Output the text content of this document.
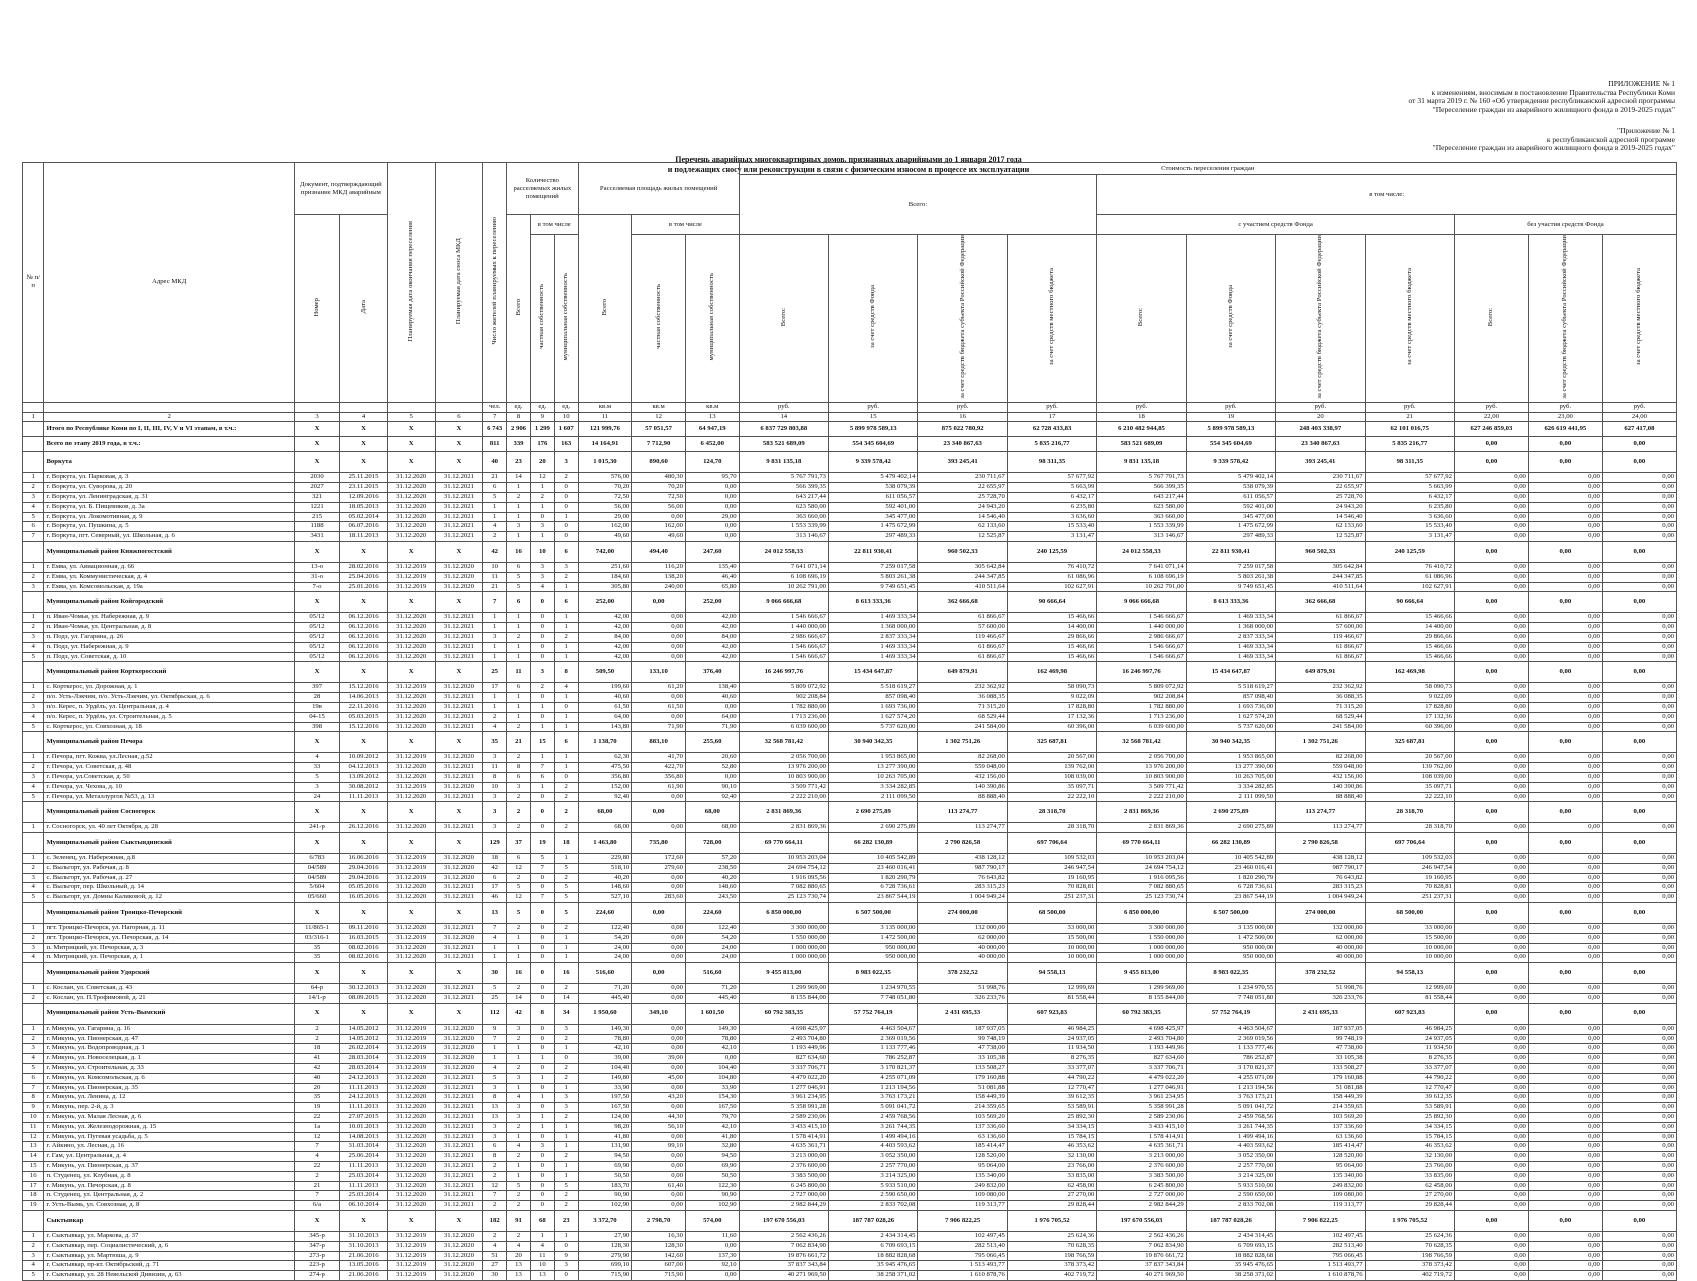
ПРИЛОЖЕНИЕ № 1
к изменениям, вносимым в постановление Правительства Республики Коми
от 31 марта 2019 г. № 160 «Об утверждении республиканской адресной программы
"Переселение граждан из аварийного жилищного фонда в 2019-2025 годах"
"Приложение № 1
к республиканской адресной программе
"Переселение граждан из аварийного жилищного фонда в 2019-2025 годах"
Перечень аварийных многоквартирных домов, признанных аварийными до 1 января 2017 года
и подлежащих сносу или реконструкции в связи с физическим износом в процессе их эксплуатации
№ п/п	Адрес МКД	Документ, подтверждающий признание МКД аварийным		Планируемая дата окончания переселения	Планируемая дата сноса МКД	Число жителей планируемых к переселению	Количество расселяемых жилых помещений			Расселяемая площадь жилых помещений			Стоимость переселения граждан										
													Всего:				в том числе:						
		Номер	Дата				Всего	в том числе		Всего	в том числе						с участием средств Фонда				без участия средств Фонда		
								частная собственность	муниципальная собственность		частная собственность	муниципальная собственность	Всего:	за счет средств Фонда	за счет средств бюджета субъекта Российской Федерации	за счет средств местного бюджета	Всего:	за счет средств Фонда	за счет средств бюджета субъекта Российской Федерации	за счет средств местного бюджета	Всего:	за счет средств бюджета субъекта Российской Федерации	за счет средств местного бюджета
						чел.	ед.	ед.	ед.	кв.м	кв.м	кв.м	руб.	руб.	руб.	руб.	руб.	руб.	руб.	руб.	руб.	руб.	руб.
1	2	3	4	5	6	7	8	9	10	11	12	13	14	15	16	17	18	19	20	21	22,00	23,00	24,00
	Итого по Республике Коми по I, II, III, IV, V и VI этапам, в т.ч.:	X	X	X	X	6 743	2 906	1 299	1 607	121 999,76	57 051,57	64 947,19	6 837 729 803,88	5 899 978 589,13	875 022 780,92	62 728 433,83	6 210 482 944,85	5 899 978 589,13	248 403 338,97	62 101 016,75	627 246 859,03	626 619 441,95	627 417,08
	Всего по этапу 2019 года, в т.ч.:	X	X	X	X	811	339	176	163	14 164,91	7 712,90	6 452,00	583 521 689,09	554 345 604,69	23 340 867,63	5 835 216,77	583 521 689,09	554 345 604,69	23 340 867,63	5 835 216,77	0,00	0,00	0,00
	Воркута	X	X	X	X	40	23	20	3	1 015,30	890,60	124,70	9 831 135,18	9 339 578,42	393 245,41	98 311,35	9 831 135,18	9 339 578,42	393 245,41	98 311,35	0,00	0,00	0,00
1	г. Воркута, ул. Парковая, д. 3	2030	25.11.2015	31.12.2020	31.12.2021	21	14	12	2	576,00	480,30	95,70	5 767 791,73	5 479 402,14	230 711,67	57 677,92	5 767 791,73	5 479 402,14	230 711,67	57 677,92	0,00	0,00	0,00
2	г. Воркута, ул. Суворова, д. 20	2027	23.11.2015	31.12.2020	31.12.2021	6	1	1	0	70,20	70,20	0,00	566 399,35	538 079,39	22 655,97	5 663,99	566 399,35	538 079,39	22 655,97	5 663,99	0,00	0,00	0,00
3	г. Воркута, ул. Ленинградская, д. 31	321	12.09.2016	31.12.2020	31.12.2021	5	2	2	0	72,50	72,50	0,00	643 217,44	611 056,57	25 728,70	6 432,17	643 217,44	611 056,57	25 728,70	6 432,17	0,00	0,00	0,00
4	г. Воркута, ул. Б. Пищевиков, д. 3а	1221	18.05.2013	31.12.2020	31.12.2021	1	1	1	0	56,00	56,00	0,00	623 580,00	592 401,00	24 943,20	6 235,80	623 580,00	592 401,00	24 943,20	6 235,80	0,00	0,00	0,00
5	г. Воркута, ул. Локомотивная, д. 9	215	05.02.2014	31.12.2020	31.12.2021	1	1	0	1	29,00	0,00	29,00	363 660,00	345 477,00	14 546,40	3 636,60	363 660,00	345 477,00	14 546,40	3 636,60	0,00	0,00	0,00
6	г. Воркута, ул. Пушкина, д. 5	1188	06.07.2016	31.12.2020	31.12.2021	4	3	3	0	162,00	162,00	0,00	1 553 339,99	1 475 672,99	62 133,60	15 533,40	1 553 339,99	1 475 672,99	62 133,60	15 533,40	0,00	0,00	0,00
7	г. Воркута, пгт. Северный, ул. Школьная, д. 6	3431	18.11.2013	31.12.2020	31.12.2021	2	1	1	0	49,60	49,60	0,00	313 146,67	297 489,33	12 525,87	3 131,47	313 146,67	297 489,33	12 525,87	3 131,47	0,00	0,00	0,00
	Муниципальный район Княжпогостский	X	X	X	X	42	16	10	6	742,00	494,40	247,60	24 012 558,33	22 811 930,41	960 502,33	240 125,59	24 012 558,33	22 811 930,41	960 502,33	240 125,59	0,00	0,00	0,00
1	г. Емва, ул. Авиационная, д. 66	13-о	28.02.2016	31.12.2019	31.12.2020	10	6	3	3	251,60	116,20	135,40	7 641 071,14	7 259 017,58	305 642,84	76 410,72	7 641 071,14	7 259 017,58	305 642,84	76 410,72	0,00	0,00	0,00
2	г. Емва, ул. Коммунистическая, д. 4	31-о	25.04.2016	31.12.2019	31.12.2020	11	5	3	2	184,60	138,20	46,40	6 108 696,19	5 803 261,38	244 347,85	61 086,96	6 108 696,19	5 803 261,38	244 347,85	61 086,96	0,00	0,00	0,00
3	г. Емва, ул. Комсомольская, д. 19а	7-о	25.01.2016	31.12.2019	31.12.2020	21	5	4	1	305,80	240,00	65,80	10 262 791,00	9 749 651,45	410 511,64	102 627,91	10 262 791,00	9 749 651,45	410 511,64	102 627,91	0,00	0,00	0,00
	Муниципальный район Койгородский	X	X	X	X	7	6	0	6	252,00	0,00	252,00	9 066 666,68	8 613 333,36	362 666,68	90 666,64	9 066 666,68	8 613 333,36	362 666,68	90 666,64	0,00	0,00	0,00
1	п. Иван-Чомья, ул. Набережная, д. 9	05/12	06.12.2016	31.12.2020	31.12.2021	1	1	0	1	42,00	0,00	42,00	1 546 666,67	1 469 333,34	61 866,67	15 466,66	1 546 666,67	1 469 333,34	61 866,67	15 466,66	0,00	0,00	0,00
2	п. Иван-Чомья, ул. Центральная, д. 8	05/12	06.12.2016	31.12.2020	31.12.2021	1	1	0	1	42,00	0,00	42,00	1 440 000,00	1 368 000,00	57 600,00	14 400,00	1 440 000,00	1 368 000,00	57 600,00	14 400,00	0,00	0,00	0,00
3	п. Подз, ул. Гагарина, д. 26	05/12	06.12.2016	31.12.2020	31.12.2021	3	2	0	2	84,00	0,00	84,00	2 986 666,67	2 837 333,34	119 466,67	29 866,66	2 986 666,67	2 837 333,34	119 466,67	29 866,66	0,00	0,00	0,00
4	п. Подз, ул. Набережная, д. 9	05/12	06.12.2016	31.12.2020	31.12.2021	1	1	0	1	42,00	0,00	42,00	1 546 666,67	1 469 333,34	61 866,67	15 466,66	1 546 666,67	1 469 333,34	61 866,67	15 466,66	0,00	0,00	0,00
5	п. Подз, ул. Советская, д. 10	05/12	06.12.2016	31.12.2020	31.12.2021	1	1	0	1	42,00	0,00	42,00	1 546 666,67	1 469 333,34	61 866,67	15 466,66	1 546 666,67	1 469 333,34	61 866,67	15 466,66	0,00	0,00	0,00
	Муниципальный район Корткеросский	X	X	X	X	25	11	3	8	509,50	133,10	376,40	16 246 997,76	15 434 647,87	649 879,91	162 469,98	16 246 997,76	15 434 647,87	649 879,91	162 469,98	0,00	0,00	0,00
1	с. Корткерос, ул. Дорожная, д. 1	397	15.12.2016	31.12.2019	31.12.2020	17	6	2	4	199,60	61,20	138,40	5 809 072,92	5 518 619,27	232 362,92	58 090,73	5 809 072,92	5 518 619,27	232 362,92	58 090,73	0,00	0,00	0,00
2	п/о. Усть-Лэкчим, п/о. Усть-Лэкчим, ул. Октябрьская, д. 6	28	14.06.2013	31.12.2020	31.12.2021	1	1	0	1	40,60	0,00	40,60	902 208,84	857 098,40	36 088,35	9 022,09	902 208,84	857 098,40	36 088,35	9 022,09	0,00	0,00	0,00
3	п/о. Керес, п. Урдёль, ул. Центральная, д. 4	19в	22.11.2016	31.12.2020	31.12.2021	1	1	1	0	61,50	61,50	0,00	1 782 880,00	1 693 736,00	71 315,20	17 828,80	1 782 880,00	1 693 736,00	71 315,20	17 828,80	0,00	0,00	0,00
4	п/о. Керес, п. Урдёль, ул. Строительная, д. 5	04-15	05.03.2015	31.12.2020	31.12.2021	2	1	0	1	64,00	0,00	64,00	1 713 236,00	1 627 574,20	68 529,44	17 132,36	1 713 236,00	1 627 574,20	68 529,44	17 132,36	0,00	0,00	0,00
5	с. Корткерос, ул. Совхозная, д. 18	398	15.12.2016	31.12.2020	31.12.2021	4	2	1	1	143,80	71,90	71,90	6 039 600,00	5 737 620,00	241 584,00	60 396,00	6 039 600,00	5 737 620,00	241 584,00	60 396,00	0,00	0,00	0,00
	Муниципальный район Печора	X	X	X	X	35	21	15	6	1 138,70	883,10	255,60	32 568 781,42	30 940 342,35	1 302 751,26	325 687,81	32 568 781,42	30 940 342,35	1 302 751,26	325 687,81	0,00	0,00	0,00
1	г. Печора, пгт. Кожва, ул.Лесная, д.52	4	10.09.2012	31.12.2019	31.12.2020	3	2	1	1	62,30	41,70	20,60	2 056 700,00	1 953 865,00	82 268,00	20 567,00	2 056 700,00	1 953 865,00	82 268,00	20 567,00	0,00	0,00	0,00
2	г. Печора, ул. Советская, д. 48	33	04.12.2013	31.12.2020	31.12.2021	11	8	7	1	475,50	422,70	52,80	13 976 200,00	13 277 390,00	559 048,00	139 762,00	13 976 200,00	13 277 390,00	559 048,00	139 762,00	0,00	0,00	0,00
3	г. Печора, ул.Советская, д. 50	5	13.09.2012	31.12.2020	31.12.2021	8	6	6	0	356,80	356,80	0,00	10 803 900,00	10 263 705,00	432 156,00	108 039,00	10 803 900,00	10 263 705,00	432 156,00	108 039,00	0,00	0,00	0,00
4	г. Печора, ул. Чехова, д. 10	3	30.08.2012	31.12.2019	31.12.2020	10	3	1	2	152,00	61,90	90,10	3 509 771,42	3 334 282,85	140 390,86	35 097,71	3 509 771,42	3 334 282,85	140 390,86	35 097,71	0,00	0,00	0,00
5	г. Печора, ул. Металлургов №53, д. 13	24	11.11.2013	31.12.2020	31.12.2021	3	2	0	2	92,40	0,00	92,40	2 222 210,00	2 111 099,50	88 888,40	22 222,10	2 222 210,00	2 111 099,50	88 888,40	22 222,10	0,00	0,00	0,00
	Муниципальный район Сосногорск	X	X	X	X	3	2	0	2	68,00	0,00	68,00	2 831 869,36	2 690 275,89	113 274,77	28 318,70	2 831 869,36	2 690 275,89	113 274,77	28 318,70	0,00	0,00	0,00
1	г. Сосногорск, ул. 40 лет Октября, д. 28	241-р	26.12.2016	31.12.2020	31.12.2021	3	2	0	2	68,00	0,00	68,00	2 831 869,36	2 690 275,89	113 274,77	28 318,70	2 831 869,36	2 690 275,89	113 274,77	28 318,70	0,00	0,00	0,00
	Муниципальный район Сыктывдинский	X	X	X	X	129	37	19	18	1 463,80	735,80	728,00	69 770 664,11	66 282 130,89	2 790 826,58	697 706,64	69 770 664,11	66 282 130,89	2 790 826,58	697 706,64	0,00	0,00	0,00
1	с. Зеленец, ул. Набережная, д.8	6/783	16.06.2016	31.12.2019	31.12.2020	18	6	5	1	229,80	172,60	57,20	10 953 203,04	10 405 542,89	438 128,12	109 532,03	10 953 203,04	10 405 542,89	438 128,12	109 532,03	0,00	0,00	0,00
2	с. Выльгорт, ул. Рабочая, д. 8	04/589	29.04.2016	31.12.2019	31.12.2020	42	12	7	5	518,10	279,60	238,50	24 694 754,12	23 460 016,41	987 790,17	246 947,54	24 694 754,12	23 460 016,41	987 790,17	246 947,54	0,00	0,00	0,00
3	с. Выльгорт, ул. Рабочая, д. 27	04/589	29.04.2016	31.12.2019	31.12.2020	6	2	0	2	40,20	0,00	40,20	1 916 095,56	1 820 290,79	76 643,82	19 160,95	1 916 095,56	1 820 290,79	76 643,82	19 160,95	0,00	0,00	0,00
4	с. Выльгорт, пер. Школьный, д. 14	5/604	05.05.2016	31.12.2020	31.12.2021	17	5	0	5	148,60	0,00	148,60	7 082 880,65	6 728 736,61	283 315,23	70 828,81	7 082 880,65	6 728 736,61	283 315,23	70 828,81	0,00	0,00	0,00
5	с. Выльгорт, ул. Домны Каликовой, д. 12	05/660	16.05.2016	31.12.2020	31.12.2021	46	12	7	5	527,10	283,60	243,50	25 123 730,74	23 867 544,19	1 004 949,24	251 237,31	25 123 730,74	23 867 544,19	1 004 949,24	251 237,31	0,00	0,00	0,00
	Муниципальный район Троицко-Печорский	X	X	X	X	13	5	0	5	224,60	0,00	224,60	6 850 000,00	6 507 500,00	274 000,00	68 500,00	6 850 000,00	6 507 500,00	274 000,00	68 500,00	0,00	0,00	0,00
1	пгт. Троицко-Печорск, ул. Нагорная, д. 11	11/865-1	09.11.2016	31.12.2020	31.12.2021	7	2	0	2	122,40	0,00	122,40	3 300 000,00	3 135 000,00	132 000,00	33 000,00	3 300 000,00	3 135 000,00	132 000,00	33 000,00	0,00	0,00	0,00
2	пгт. Троицко-Печорск, ул. Печорская, д. 14	03/316-1	16.03.2015	31.12.2019	31.12.2020	4	1	0	1	54,20	0,00	54,20	1 550 000,00	1 472 500,00	62 000,00	15 500,00	1 550 000,00	1 472 500,00	62 000,00	15 500,00	0,00	0,00	0,00
3	п. Митрицкий, ул. Печорская, д. 3	35	08.02.2016	31.12.2020	31.12.2021	1	1	0	1	24,00	0,00	24,00	1 000 000,00	950 000,00	40 000,00	10 000,00	1 000 000,00	950 000,00	40 000,00	10 000,00	0,00	0,00	0,00
4	п. Митрицкий, ул. Печорская, д. 1	35	08.02.2016	31.12.2020	31.12.2021	1	1	0	1	24,00	0,00	24,00	1 000 000,00	950 000,00	40 000,00	10 000,00	1 000 000,00	950 000,00	40 000,00	10 000,00	0,00	0,00	0,00
	Муниципальный район Удорский	X	X	X	X	30	16	0	16	516,60	0,00	516,60	9 455 813,00	8 983 022,35	378 232,52	94 558,13	9 455 813,00	8 983 022,35	378 232,52	94 558,13	0,00	0,00	0,00
1	с. Кослан, ул. Советская, д. 43	64-р	30.12.2013	31.12.2020	31.12.2021	5	2	0	2	71,20	0,00	71,20	1 299 969,00	1 234 970,55	51 998,76	12 999,69	1 299 969,00	1 234 970,55	51 998,76	12 999,69	0,00	0,00	0,00
2	с. Кослан, ул. П.Трофимовой, д. 21	14/1-р	08.09.2015	31.12.2020	31.12.2021	25	14	0	14	445,40	0,00	445,40	8 155 844,00	7 748 051,80	326 233,76	81 558,44	8 155 844,00	7 748 051,80	326 233,76	81 558,44	0,00	0,00	0,00
	Муниципальный район Усть-Вымский	X	X	X	X	112	42	8	34	1 950,60	349,10	1 601,50	60 792 383,35	57 752 764,19	2 431 695,33	607 923,83	60 792 383,35	57 752 764,19	2 431 695,33	607 923,83	0,00	0,00	0,00
1	г. Микунь, ул. Гагарина, д. 16	2	14.05.2012	31.12.2019	31.12.2020	9	3	0	3	149,30	0,00	149,30	4 698 425,97	4 463 504,67	187 937,05	46 984,25	4 698 425,97	4 463 504,67	187 937,05	46 984,25	0,00	0,00	0,00
2	г. Микунь, ул. Пионерская, д. 47	2	14.05.2012	31.12.2019	31.12.2020	7	2	0	2	78,80	0,00	78,80	2 493 704,80	2 369 019,56	99 748,19	24 937,05	2 493 704,80	2 369 019,56	99 748,19	24 937,05	0,00	0,00	0,00
3	г. Микунь, ул. Водопроводная, д. 1	18	26.02.2014	31.12.2019	31.12.2020	1	1	0	1	42,10	0,00	42,10	1 193 449,96	1 133 777,46	47 738,00	11 934,50	1 193 449,96	1 133 777,46	47 738,00	11 934,50	0,00	0,00	0,00
4	г. Микунь, ул. Новоселецкая, д. 1	41	28.03.2014	31.12.2019	31.12.2020	1	1	1	0	39,00	39,00	0,00	827 634,60	786 252,87	33 105,38	8 276,35	827 634,60	786 252,87	33 105,38	8 276,35	0,00	0,00	0,00
5	г. Микунь, ул. Строительная, д. 33	42	28.03.2014	31.12.2019	31.12.2020	4	2	0	2	104,40	0,00	104,40	3 337 706,71	3 170 821,37	133 508,27	33 377,07	3 337 706,71	3 170 821,37	133 508,27	33 377,07	0,00	0,00	0,00
6	г. Микунь, ул. Комсомольская, д. 6	40	24.12.2013	31.12.2020	31.12.2021	5	3	1	2	149,80	45,00	104,80	4 479 022,20	4 255 071,09	179 160,88	44 790,22	4 479 022,20	4 255 071,09	179 160,88	44 790,22	0,00	0,00	0,00
7	г. Микунь, ул. Пионерская, д. 35	20	11.11.2013	31.12.2020	31.12.2021	3	1	0	1	33,90	0,00	33,90	1 277 046,91	1 213 194,56	51 081,88	12 770,47	1 277 046,91	1 213 194,56	51 081,88	12 770,47	0,00	0,00	0,00
8	г. Микунь, ул. Ленина, д. 12	35	24.12.2013	31.12.2020	31.12.2021	8	4	1	3	197,50	43,20	154,30	3 961 234,95	3 763 173,21	158 449,39	39 612,35	3 961 234,95	3 763 173,21	158 449,39	39 612,35	0,00	0,00	0,00
9	г. Микунь, пер. 2-й, д. 3	19	11.11.2013	31.12.2020	31.12.2021	13	3	0	3	167,50	0,00	167,50	5 358 991,28	5 091 041,72	214 359,65	53 589,91	5 358 991,28	5 091 041,72	214 359,65	53 589,91	0,00	0,00	0,00
10	г. Микунь, ул. Малая Лесная, д. 6	22	27.07.2015	31.12.2020	31.12.2021	13	3	1	2	124,00	44,30	79,70	2 589 230,06	2 459 768,56	103 569,20	25 892,30	2 589 230,06	2 459 768,56	103 569,20	25 892,30	0,00	0,00	0,00
11	г. Микунь, ул. Железнодорожная, д. 15	1а	10.01.2013	31.12.2020	31.12.2021	3	2	1	1	98,20	56,10	42,10	3 433 415,10	3 261 744,35	137 336,60	34 334,15	3 433 415,10	3 261 744,35	137 336,60	34 334,15	0,00	0,00	0,00
12	г. Микунь, ул. Пугевая усадьба, д. 5	12	14.08.2013	31.12.2020	31.12.2021	3	1	0	1	41,80	0,00	41,80	1 578 414,91	1 499 494,16	63 136,60	15 784,15	1 578 414,91	1 499 494,16	63 136,60	15 784,15	0,00	0,00	0,00
13	г. Айкино, ул. Лесная, д. 16	7	31.03.2014	31.12.2020	31.12.2021	6	4	3	1	131,90	99,10	32,80	4 635 361,71	4 403 593,62	185 414,47	46 353,62	4 635 361,71	4 403 593,62	185 414,47	46 353,62	0,00	0,00	0,00
14	г. Гам, ул. Центральная, д. 4	4	25.06.2014	31.12.2020	31.12.2021	8	2	0	2	94,50	0,00	94,50	3 213 000,00	3 052 350,00	128 520,00	32 130,00	3 213 000,00	3 052 350,00	128 520,00	32 130,00	0,00	0,00	0,00
15	г. Микунь, ул. Пионерская, д. 37	22	11.11.2013	31.12.2020	31.12.2021	2	1	0	1	69,90	0,00	69,90	2 376 600,00	2 257 770,00	95 064,00	23 766,00	2 376 600,00	2 257 770,00	95 064,00	23 766,00	0,00	0,00	0,00
16	п. Студенец, ул. Клубная, д. 8	2	25.03.2014	31.12.2020	31.12.2021	2	1	0	1	50,50	0,00	50,50	3 383 500,00	3 214 325,00	135 340,00	33 835,00	3 383 500,00	3 214 325,00	135 340,00	33 835,00	0,00	0,00	0,00
17	г. Микунь, ул. Печорская, д. 8	21	11.11.2013	31.12.2020	31.12.2021	12	5	0	5	183,70	61,40	122,30	6 245 800,00	5 933 510,00	249 832,00	62 458,00	6 245 800,00	5 933 510,00	249 832,00	62 458,00	0,00	0,00	0,00
18	п. Студенец, ул. Центральная, д. 2	7	25.03.2014	31.12.2020	31.12.2021	7	2	0	2	90,90	0,00	90,90	2 727 000,00	2 590 650,00	109 080,00	27 270,00	2 727 000,00	2 590 650,00	109 080,00	27 270,00	0,00	0,00	0,00
19	г. Усть-Вымь, ул. Совхозная, д. 8	6/а	06.10.2014	31.12.2020	31.12.2021	2	2	0	2	102,90	0,00	102,90	2 982 844,29	2 833 702,08	119 313,77	29 828,44	2 982 844,29	2 833 702,08	119 313,77	29 828,44	0,00	0,00	0,00
	Сыктывкар	X	X	X	X	182	91	68	23	3 372,70	2 798,70	574,00	197 670 556,03	187 787 028,26	7 906 822,25	1 976 705,52	197 670 556,03	187 787 028,26	7 906 822,25	1 976 705,52	0,00	0,00	0,00
1	г. Сыктывкар, ул. Маркова, д. 37	345-р	31.10.2013	31.12.2019	31.12.2020	2	2	1	1	27,90	16,30	11,60	2 562 436,26	2 434 314,45	102 497,45	25 624,36	2 562 436,26	2 434 314,45	102 497,45	25 624,36	0,00	0,00	0,00
2	г. Сыктывкар, пер. Социалистический, д. 6	347-р	31.10.2013	31.12.2019	31.12.2020	4	4	4	0	128,30	128,30	0,00	7 062 834,90	6 709 693,15	282 513,40	70 628,35	7 062 834,90	6 709 693,15	282 513,40	70 628,35	0,00	0,00	0,00
3	г. Сыктывкар, ул. Мартюша, д. 9	273-р	21.06.2016	31.12.2019	31.12.2020	51	20	11	9	279,90	142,60	137,30	19 876 661,72	18 882 828,68	795 066,45	198 766,59	19 876 661,72	18 882 828,68	795 066,45	198 766,59	0,00	0,00	0,00
4	г. Сыктывкар, пр-кт. Октябрьский, д. 71	223-р	13.05.2016	31.12.2019	31.12.2020	27	13	10	3	699,10	607,00	92,10	37 837 343,84	35 945 476,65	1 513 493,77	378 373,42	37 837 343,84	35 945 476,65	1 513 493,77	378 373,42	0,00	0,00	0,00
5	г. Сыктывкар, ул. 28 Невельской Дивизии, д. 63	274-р	21.06.2016	31.12.2019	31.12.2020	30	13	13	0	715,90	715,90	0,00	40 271 969,50	38 258 371,02	1 610 878,76	402 719,72	40 271 969,50	38 258 371,02	1 610 878,76	402 719,72	0,00	0,00	0,00
